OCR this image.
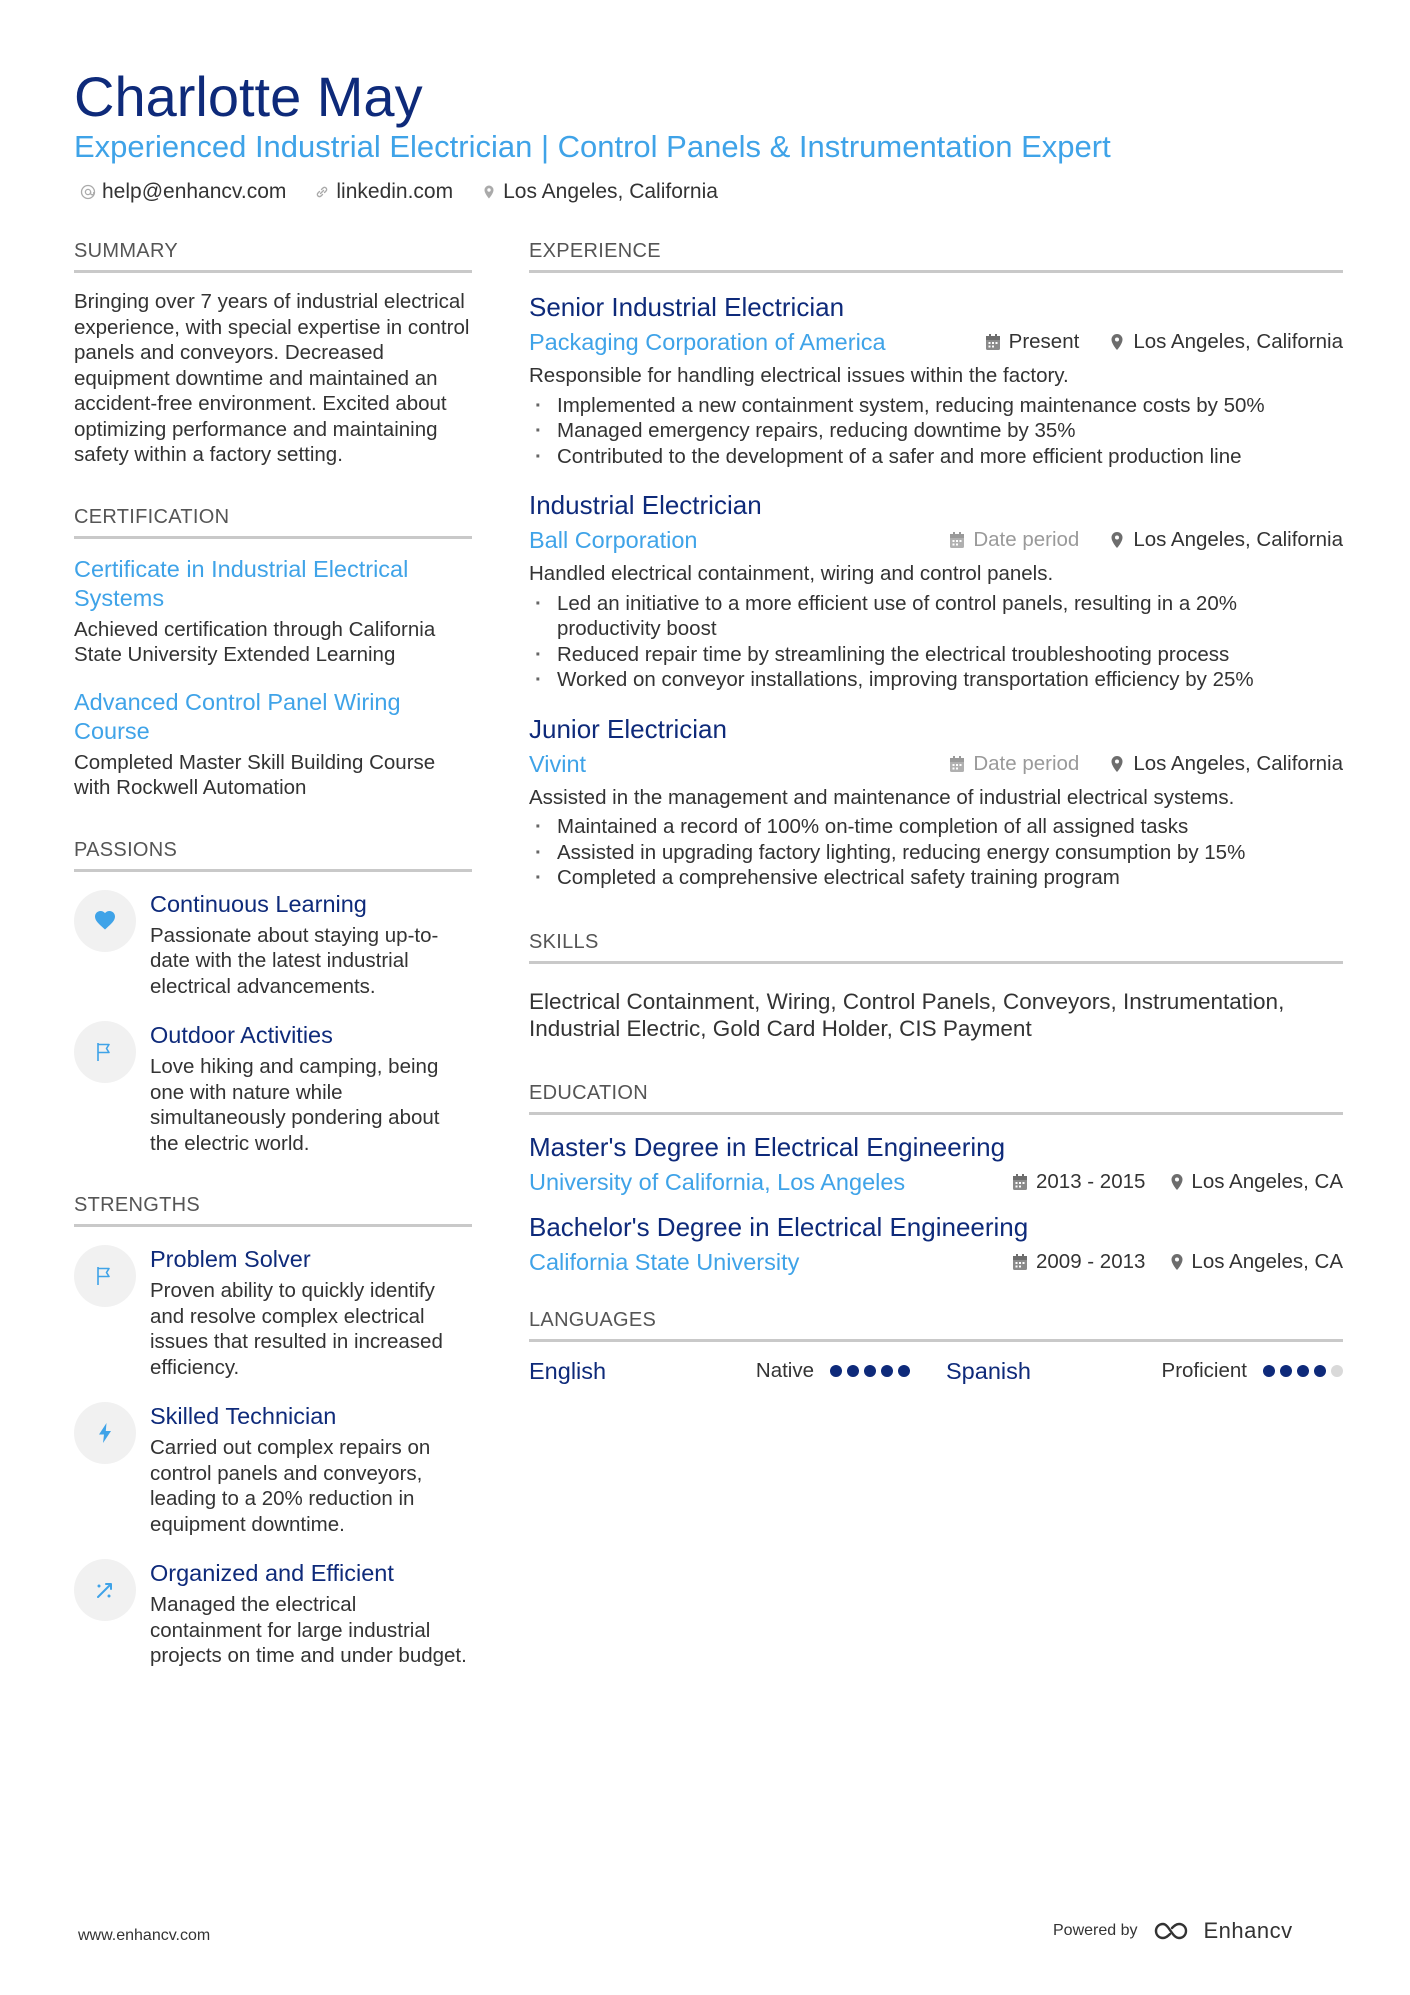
Charlotte May
Experienced Industrial Electrician | Control Panels & Instrumentation Expert
help@enhancv.com linkedin.com Los Angeles, California
SUMMARY
Bringing over 7 years of industrial electrical experience, with special expertise in control panels and conveyors. Decreased equipment downtime and maintained an accident-free environment. Excited about optimizing performance and maintaining safety within a factory setting.
CERTIFICATION
Certificate in Industrial Electrical Systems
Achieved certification through California State University Extended Learning
Advanced Control Panel Wiring Course
Completed Master Skill Building Course with Rockwell Automation
PASSIONS
Continuous Learning
Passionate about staying up-to-date with the latest industrial electrical advancements.
Outdoor Activities
Love hiking and camping, being one with nature while simultaneously pondering about the electric world.
STRENGTHS
Problem Solver
Proven ability to quickly identify and resolve complex electrical issues that resulted in increased efficiency.
Skilled Technician
Carried out complex repairs on control panels and conveyors, leading to a 20% reduction in equipment downtime.
Organized and Efficient
Managed the electrical containment for large industrial projects on time and under budget.
EXPERIENCE
Senior Industrial Electrician
Packaging Corporation of America	Present	Los Angeles, California
Responsible for handling electrical issues within the factory.
· Implemented a new containment system, reducing maintenance costs by 50%
· Managed emergency repairs, reducing downtime by 35%
· Contributed to the development of a safer and more efficient production line
Industrial Electrician
Ball Corporation	Date period	Los Angeles, California
Handled electrical containment, wiring and control panels.
· Led an initiative to a more efficient use of control panels, resulting in a 20% productivity boost
· Reduced repair time by streamlining the electrical troubleshooting process
· Worked on conveyor installations, improving transportation efficiency by 25%
Junior Electrician
Vivint	Date period	Los Angeles, California
Assisted in the management and maintenance of industrial electrical systems.
· Maintained a record of 100% on-time completion of all assigned tasks
· Assisted in upgrading factory lighting, reducing energy consumption by 15%
· Completed a comprehensive electrical safety training program
SKILLS
Electrical Containment, Wiring, Control Panels, Conveyors, Instrumentation, Industrial Electric, Gold Card Holder, CIS Payment
EDUCATION
Master's Degree in Electrical Engineering
University of California, Los Angeles	2013 - 2015 Los Angeles, CA
Bachelor's Degree in Electrical Engineering
California State University	2009 - 2013 Los Angeles, CA
LANGUAGES
English	Native	Spanish	Proficient
www.enhancv.com	Powered by	Enhancv
